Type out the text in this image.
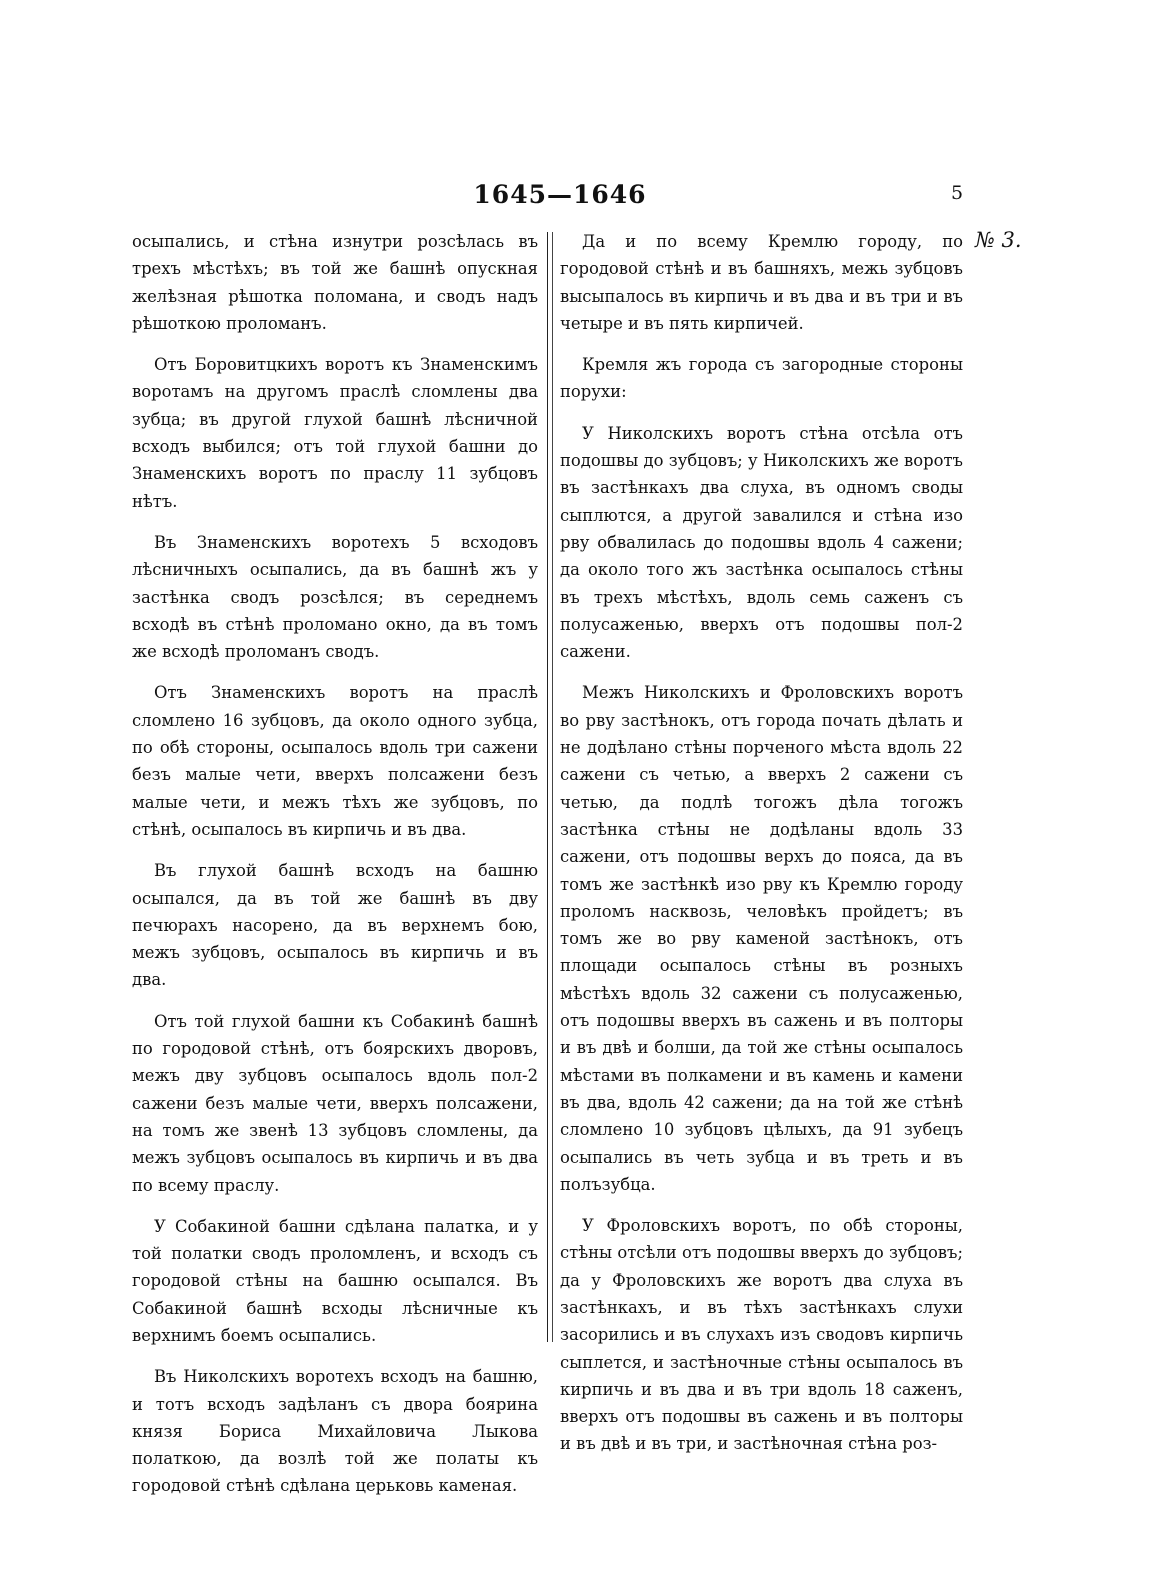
1645—1646	5
№ 3.

осыпались, и стѣна изнутри розсѣлась въ трехъ мѣстѣхъ; въ той же башнѣ опускная желѣзная рѣшотка поломана, и сводъ надъ рѣшоткою проломанъ.

Отъ Боровитцкихъ воротъ къ Знаменскимъ воротамъ на другомъ праслѣ сломлены два зубца; въ другой глухой башнѣ лѣсничной всходъ выбился; отъ той глухой башни до Знаменскихъ воротъ по праслу 11 зубцовъ нѣтъ.

Въ Знаменскихъ воротехъ 5 всходовъ лѣсничныхъ осыпались, да въ башнѣ жъ у застѣнка сводъ розсѣлся; въ середнемъ всходѣ въ стѣнѣ проломано окно, да въ томъ же всходѣ проломанъ сводъ.

Отъ Знаменскихъ воротъ на праслѣ сломлено 16 зубцовъ, да около одного зубца, по обѣ стороны, осыпалось вдоль три сажени безъ малые чети, вверхъ полсажени безъ малые чети, и межъ тѣхъ же зубцовъ, по стѣнѣ, осыпалось въ кирпичь и въ два.

Въ глухой башнѣ всходъ на башню осыпался, да въ той же башнѣ въ дву печюрахъ насорено, да въ верхнемъ бою, межъ зубцовъ, осыпалось въ кирпичь и въ два.

Отъ той глухой башни къ Собакинѣ башнѣ по городовой стѣнѣ, отъ боярскихъ дворовъ, межъ дву зубцовъ осыпалось вдоль пол-2 сажени безъ малые чети, вверхъ полсажени, на томъ же звенѣ 13 зубцовъ сломлены, да межъ зубцовъ осыпалось въ кирпичь и въ два по всему праслу.

У Собакиной башни сдѣлана палатка, и у той полатки сводъ проломленъ, и всходъ съ городовой стѣны на башню осыпался. Въ Собакиной башнѣ всходы лѣсничные къ верхнимъ боемъ осыпались.

Въ Николскихъ воротехъ всходъ на башню, и тотъ всходъ задѣланъ съ двора боярина князя Бориса Михайловича Лыкова полаткою, да возлѣ той же полаты къ городовой стѣнѣ сдѣлана церьковь каменая.

Да и по всему Кремлю городу, по городовой стѣнѣ и въ башняхъ, межь зубцовъ высыпалось въ кирпичь и въ два и въ три и въ четыре и въ пять кирпичей.

Кремля жъ города съ загородные стороны порухи:

У Николскихъ воротъ стѣна отсѣла отъ подошвы до зубцовъ; у Николскихъ же воротъ въ застѣнкахъ два слуха, въ одномъ своды сыплются, а другой завалился и стѣна изо рву обвалилась до подошвы вдоль 4 сажени; да около того жъ застѣнка осыпалось стѣны въ трехъ мѣстѣхъ, вдоль семь саженъ съ полусаженью, вверхъ отъ подошвы пол-2 сажени.

Межъ Николскихъ и Фроловскихъ воротъ во рву застѣнокъ, отъ города почать дѣлать и не додѣлано стѣны порченого мѣста вдоль 22 сажени съ четью, а вверхъ 2 сажени съ четью, да подлѣ тогожъ дѣла тогожъ застѣнка стѣны не додѣланы вдоль 33 сажени, отъ подошвы верхъ до пояса, да въ томъ же застѣнкѣ изо рву къ Кремлю городу проломъ насквозь, человѣкъ пройдетъ; въ томъ же во рву каменой застѣнокъ, отъ площади осыпалось стѣны въ розныхъ мѣстѣхъ вдоль 32 сажени съ полусаженью, отъ подошвы вверхъ въ сажень и въ полторы и въ двѣ и болши, да той же стѣны осыпалось мѣстами въ полкамени и въ камень и камени въ два, вдоль 42 сажени; да на той же стѣнѣ сломлено 10 зубцовъ цѣлыхъ, да 91 зубецъ осыпались въ четь зубца и въ треть и въ полъзубца.

У Фроловскихъ воротъ, по обѣ стороны, стѣны отсѣли отъ подошвы вверхъ до зубцовъ; да у Фроловскихъ же воротъ два слуха въ застѣнкахъ, и въ тѣхъ застѣнкахъ слухи засорились и въ слухахъ изъ сводовъ кирпичь сыплется, и застѣночные стѣны осыпалось въ кирпичь и въ два и въ три вдоль 18 саженъ, вверхъ отъ подошвы въ сажень и въ полторы и въ двѣ и въ три, и застѣночная стѣна роз-
